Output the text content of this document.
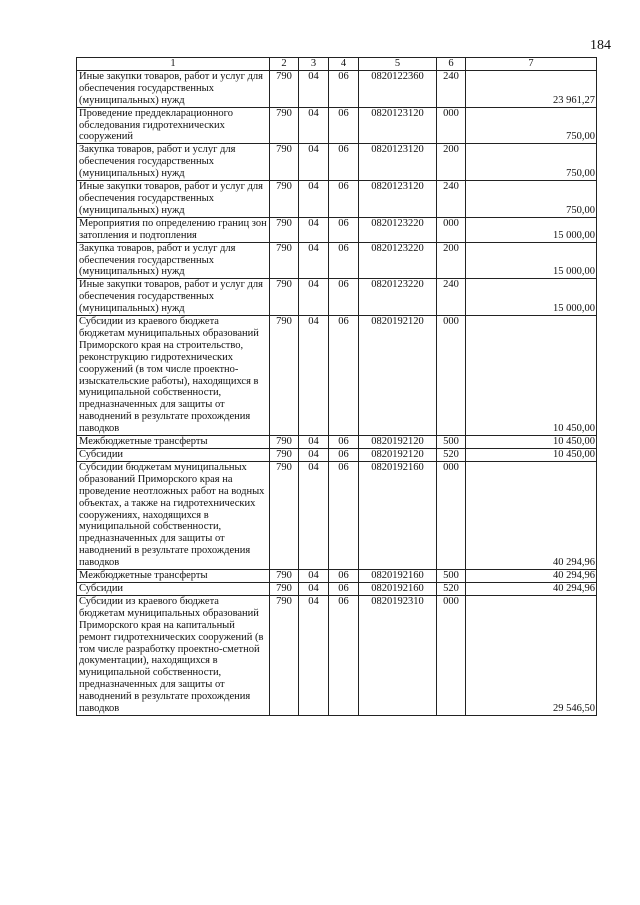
184
1	2	3	4	5	6	7
Иные закупки товаров, работ и услуг для обеспечения государственных (муниципальных) нужд	790	04	06	0820122360	240	23 961,27
Проведение преддекларационного обследования гидротехнических сооружений	790	04	06	0820123120	000	750,00
Закупка товаров, работ и услуг для обеспечения государственных (муниципальных) нужд	790	04	06	0820123120	200	750,00
Иные закупки товаров, работ и услуг для обеспечения государственных (муниципальных) нужд	790	04	06	0820123120	240	750,00
Мероприятия по определению границ зон затопления и подтопления	790	04	06	0820123220	000	15 000,00
Закупка товаров, работ и услуг для обеспечения государственных (муниципальных) нужд	790	04	06	0820123220	200	15 000,00
Иные закупки товаров, работ и услуг для обеспечения государственных (муниципальных) нужд	790	04	06	0820123220	240	15 000,00
Субсидии из краевого бюджета бюджетам муниципальных образований Приморского края на строительство, реконструкцию гидротехнических сооружений (в том числе проектно-изыскательские работы), находящихся в муниципальной собственности, предназначенных для защиты от наводнений в результате прохождения паводков	790	04	06	0820192120	000	10 450,00
Межбюджетные трансферты	790	04	06	0820192120	500	10 450,00
Субсидии	790	04	06	0820192120	520	10 450,00
Субсидии бюджетам муниципальных образований Приморского края на проведение неотложных работ на водных объектах, а также на гидротехнических сооружениях, находящихся в муниципальной собственности, предназначенных для защиты от наводнений в результате прохождения паводков	790	04	06	0820192160	000	40 294,96
Межбюджетные трансферты	790	04	06	0820192160	500	40 294,96
Субсидии	790	04	06	0820192160	520	40 294,96
Субсидии из краевого бюджета бюджетам муниципальных образований Приморского края на капитальный ремонт гидротехнических сооружений (в том числе разработку проектно-сметной документации), находящихся в муниципальной собственности, предназначенных для защиты от наводнений в результате прохождения паводков	790	04	06	0820192310	000	29 546,50
